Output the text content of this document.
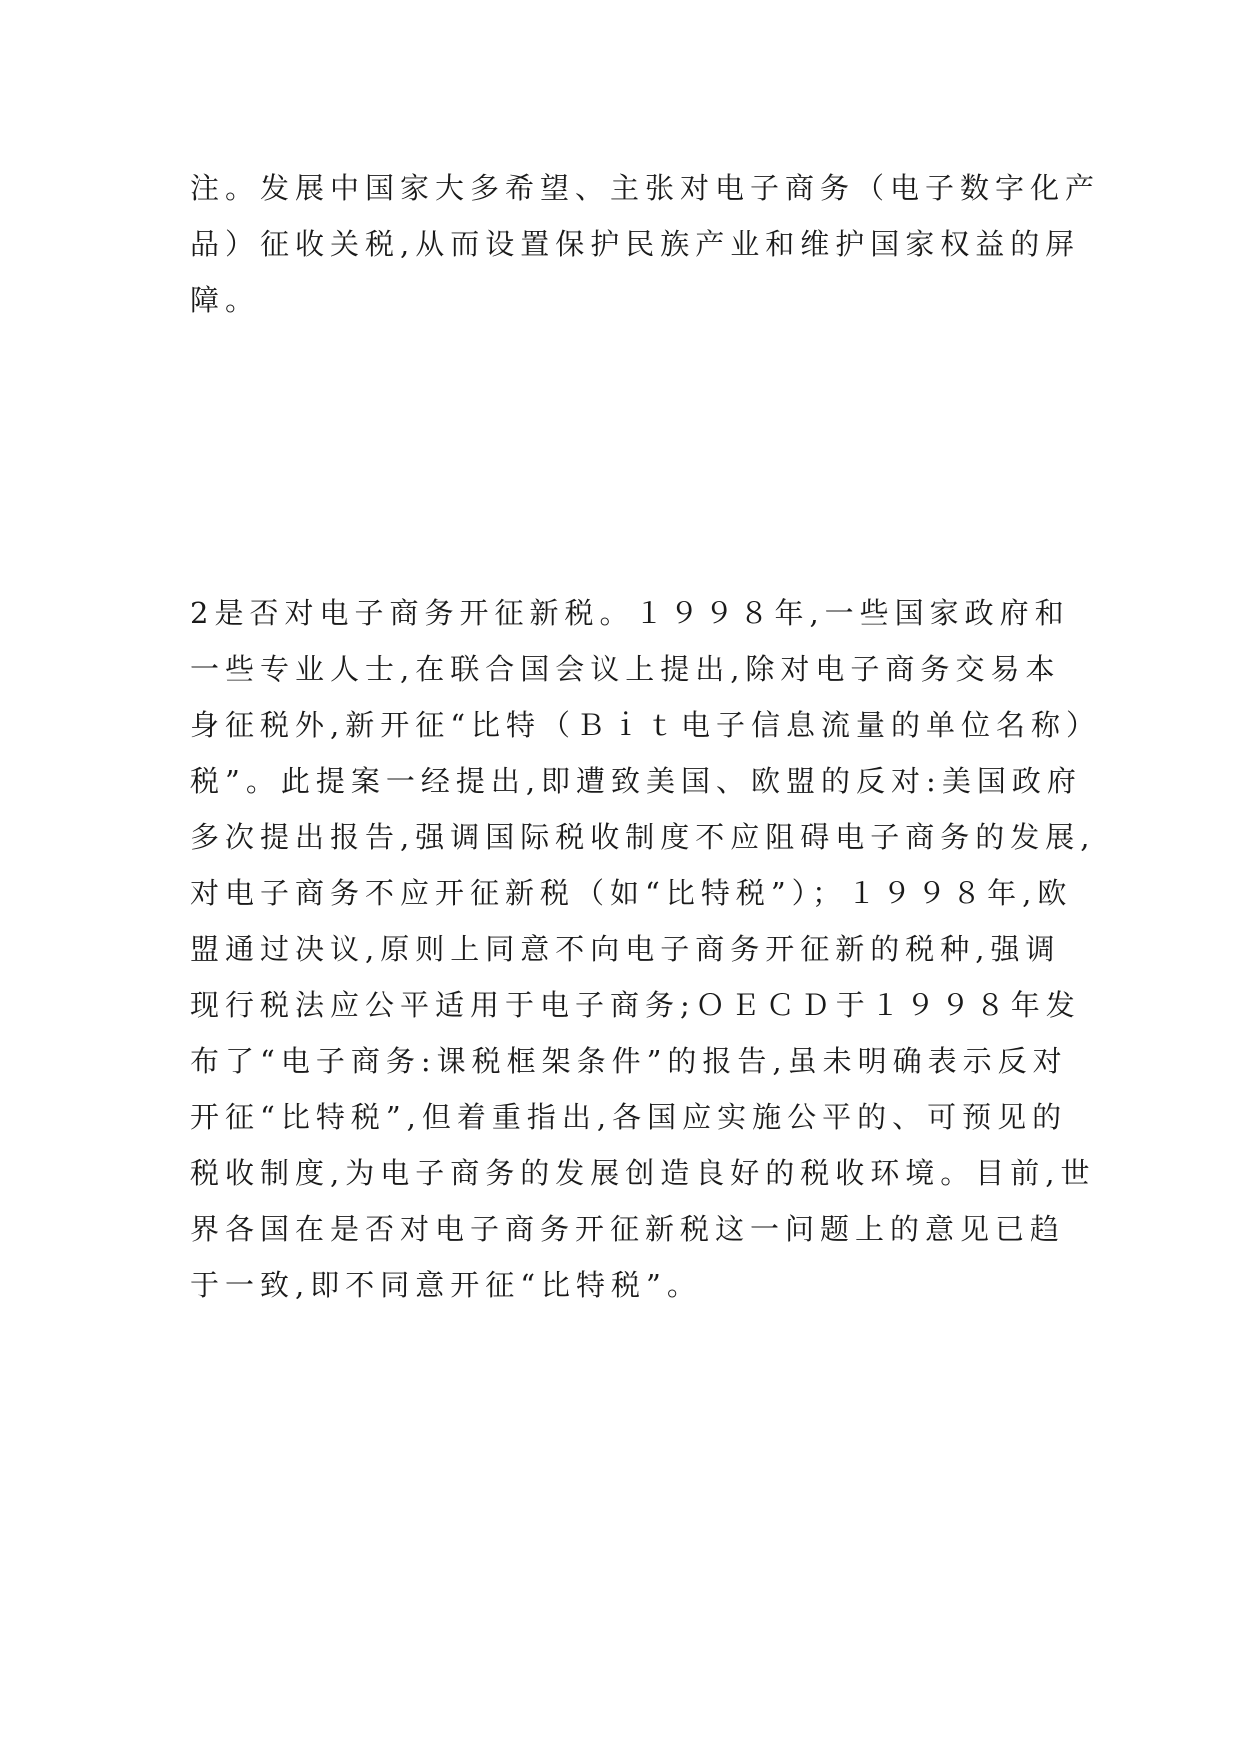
注。发展中国家大多希望、主张对电子商务（电子数字化产
品）征收关税,从而设置保护民族产业和维护国家权益的屏
障。
2是否对电子商务开征新税。１９９８年,一些国家政府和
一些专业人士,在联合国会议上提出,除对电子商务交易本
身征税外,新开征“比特（Ｂｉｔ电子信息流量的单位名称）
税”。此提案一经提出,即遭致美国、欧盟的反对:美国政府
多次提出报告,强调国际税收制度不应阻碍电子商务的发展,
对电子商务不应开征新税（如“比特税”）；１９９８年,欧
盟通过决议,原则上同意不向电子商务开征新的税种,强调
现行税法应公平适用于电子商务;ＯＥＣＤ于１９９８年发
布了“电子商务:课税框架条件”的报告,虽未明确表示反对
开征“比特税”,但着重指出,各国应实施公平的、可预见的
税收制度,为电子商务的发展创造良好的税收环境。目前,世
界各国在是否对电子商务开征新税这一问题上的意见已趋
于一致,即不同意开征“比特税”。
